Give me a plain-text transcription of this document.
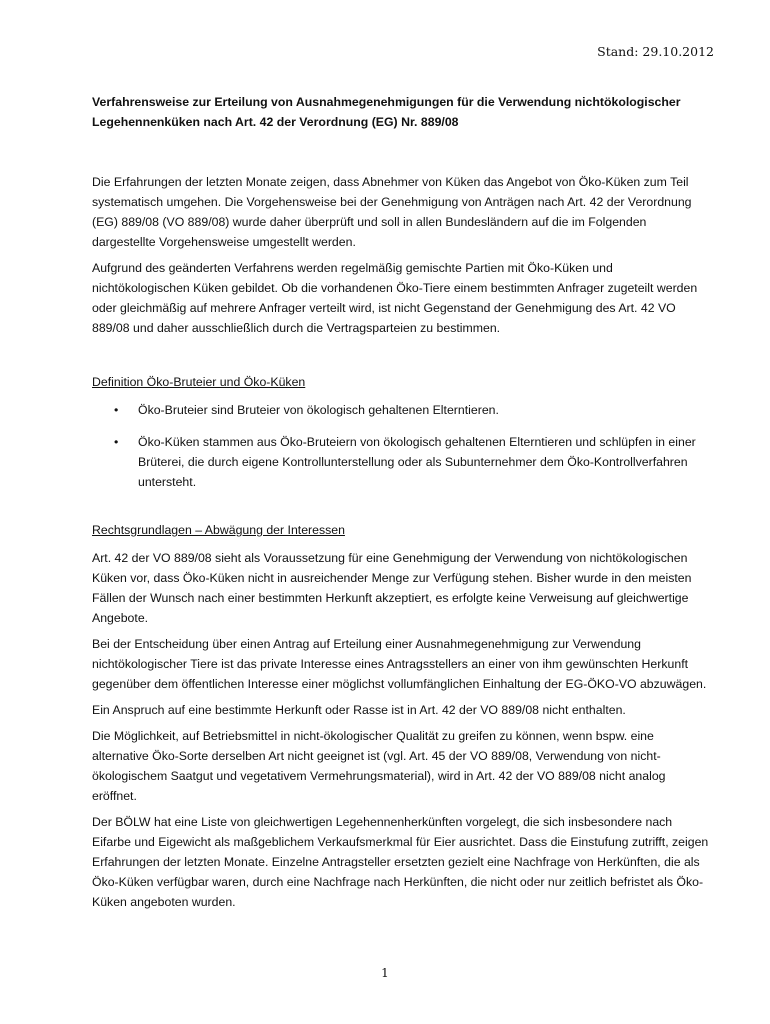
Stand: 29.10.2012
Verfahrensweise zur Erteilung von Ausnahmegenehmigungen für die Verwendung nichtökologischer Legehennenküken nach Art. 42 der Verordnung (EG) Nr. 889/08

Die Erfahrungen der letzten Monate zeigen, dass Abnehmer von Küken das Angebot von Öko-Küken zum Teil systematisch umgehen. Die Vorgehensweise bei der Genehmigung von Anträgen nach Art. 42 der Verordnung (EG) 889/08 (VO 889/08) wurde daher überprüft und soll in allen Bundesländern auf die im Folgenden dargestellte Vorgehensweise umgestellt werden.

Aufgrund des geänderten Verfahrens werden regelmäßig gemischte Partien mit Öko-Küken und nichtökologischen Küken gebildet. Ob die vorhandenen Öko-Tiere einem bestimmten Anfrager zugeteilt werden oder gleichmäßig auf mehrere Anfrager verteilt wird, ist nicht Gegenstand der Genehmigung des Art. 42 VO 889/08 und daher ausschließlich durch die Vertragsparteien zu bestimmen.

Definition Öko-Bruteier und Öko-Küken
• Öko-Bruteier sind Bruteier von ökologisch gehaltenen Elterntieren.
• Öko-Küken stammen aus Öko-Bruteiern von ökologisch gehaltenen Elterntieren und schlüpfen in einer Brüterei, die durch eigene Kontrollunterstellung oder als Subunternehmer dem Öko-Kontrollverfahren untersteht.
Rechtsgrundlagen – Abwägung der Interessen

Art. 42 der VO 889/08 sieht als Voraussetzung für eine Genehmigung der Verwendung von nichtökologischen Küken vor, dass Öko-Küken nicht in ausreichender Menge zur Verfügung stehen. Bisher wurde in den meisten Fällen der Wunsch nach einer bestimmten Herkunft akzeptiert, es erfolgte keine Verweisung auf gleichwertige Angebote.

Bei der Entscheidung über einen Antrag auf Erteilung einer Ausnahmegenehmigung zur Verwendung nichtökologischer Tiere ist das private Interesse eines Antragsstellers an einer von ihm gewünschten Herkunft gegenüber dem öffentlichen Interesse einer möglichst vollumfänglichen Einhaltung der EG-ÖKO-VO abzuwägen.

Ein Anspruch auf eine bestimmte Herkunft oder Rasse ist in Art. 42 der VO 889/08 nicht enthalten.

Die Möglichkeit, auf Betriebsmittel in nicht-ökologischer Qualität zu greifen zu können, wenn bspw. eine alternative Öko-Sorte derselben Art nicht geeignet ist (vgl. Art. 45 der VO 889/08, Verwendung von nicht-ökologischem Saatgut und vegetativem Vermehrungsmaterial), wird in Art. 42 der VO 889/08 nicht analog eröffnet.

Der BÖLW hat eine Liste von gleichwertigen Legehennenherkünften vorgelegt, die sich insbesondere nach Eifarbe und Eigewicht als maßgeblichem Verkaufsmerkmal für Eier ausrichtet. Dass die Einstufung zutrifft, zeigen Erfahrungen der letzten Monate. Einzelne Antragsteller ersetzten gezielt eine Nachfrage von Herkünften, die als Öko-Küken verfügbar waren, durch eine Nachfrage nach Herkünften, die nicht oder nur zeitlich befristet als Öko-Küken angeboten wurden.

1
